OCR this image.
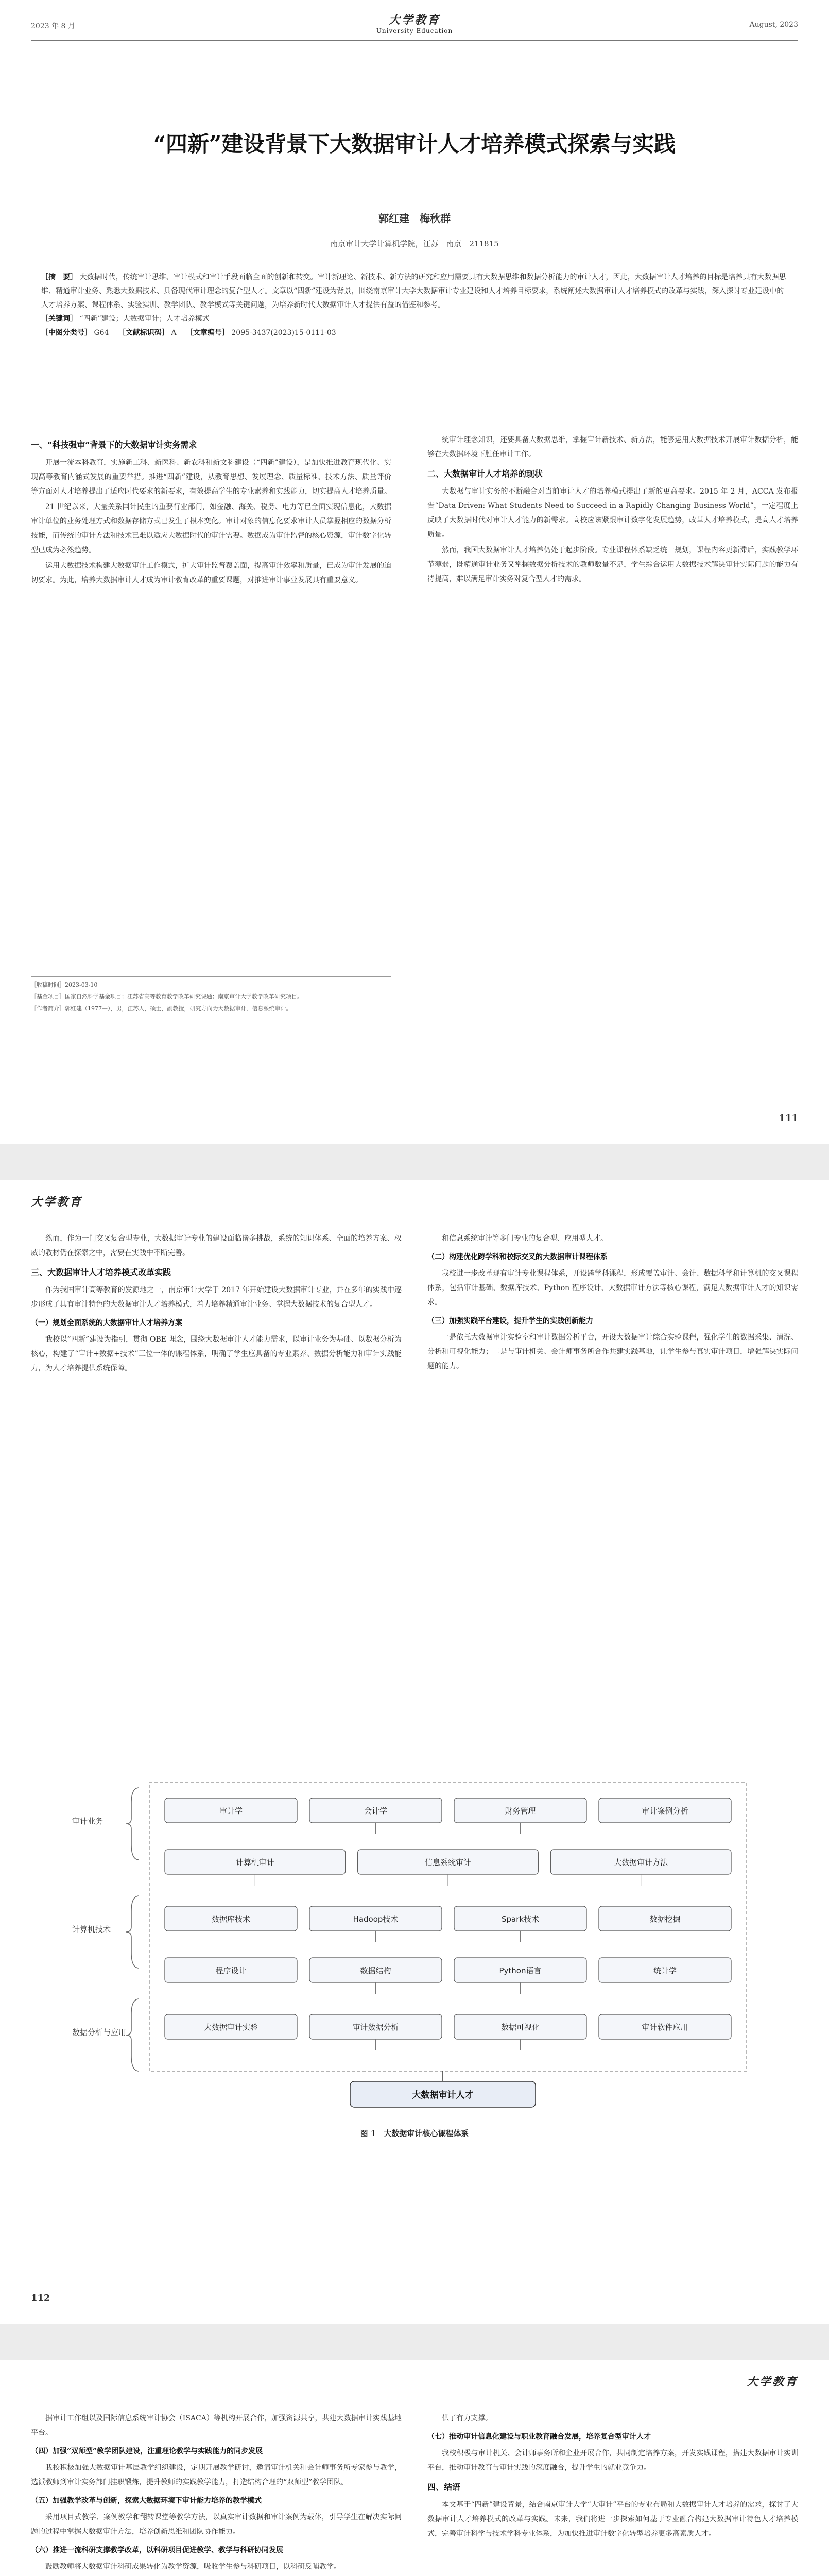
2023 年 8 月	大学教育
University Education
August, 2023
“四新”建设背景下大数据审计人才培养模式探索与实践
郭红建　梅秋群
南京审计大学计算机学院，江苏　南京　211815
［摘　要］ 大数据时代，传统审计思维、审计模式和审计手段面临全面的创新和转变。审计新理论、新技术、新方法的研究和应用需要具有大数据思维和数据分析能力的审计人才，因此，大数据审计人才培养的目标是培养具有大数据思维、精通审计业务、熟悉大数据技术、具备现代审计理念的复合型人才。文章以“四新”建设为背景，围绕南京审计大学大数据审计专业建设和人才培养目标要求，系统阐述大数据审计人才培养模式的改革与实践，深入探讨专业建设中的人才培养方案、课程体系、实验实训、教学团队、教学模式等关键问题，为培养新时代大数据审计人才提供有益的借鉴和参考。
［关键词］ “四新”建设；大数据审计；人才培养模式
［中图分类号］ G64　 ［文献标识码］ A　 ［文章编号］ 2095-3437(2023)15-0111-03
一、“科技强审”背景下的大数据审计实务需求

开展一流本科教育，实施新工科、新医科、新农科和新文科建设（“四新”建设），是加快推进教育现代化、实现高等教育内涵式发展的重要举措。推进“四新”建设，从教育思想、发展理念、质量标准、技术方法、质量评价等方面对人才培养提出了适应时代要求的新要求，有效提高学生的专业素养和实践能力，切实提高人才培养质量。

21 世纪以来，大量关系国计民生的重要行业部门，如金融、海关、税务、电力等已全面实现信息化，大数据审计单位的业务处理方式和数据存储方式已发生了根本变化。审计对象的信息化要求审计人员掌握相应的数据分析技能，而传统的审计方法和技术已难以适应大数据时代的审计需要。数据成为审计监督的核心资源，审计数字化转型已成为必然趋势。

运用大数据技术构建大数据审计工作模式，扩大审计监督覆盖面，提高审计效率和质量，已成为审计发展的迫切要求。为此，培养大数据审计人才成为审计教育改革的重要课题，对推进审计事业发展具有重要意义。

统审计理念知识，还要具备大数据思维，掌握审计新技术、新方法，能够运用大数据技术开展审计数据分析，能够在大数据环境下胜任审计工作。

二、大数据审计人才培养的现状

大数据与审计实务的不断融合对当前审计人才的培养模式提出了新的更高要求。2015 年 2 月，ACCA 发布报告“Data Driven: What Students Need to Succeed in a Rapidly Changing Business World”，一定程度上反映了大数据时代对审计人才能力的新需求。高校应该紧跟审计数字化发展趋势，改革人才培养模式，提高人才培养质量。

然而，我国大数据审计人才培养仍处于起步阶段。专业课程体系缺乏统一规划，课程内容更新滞后，实践教学环节薄弱，既精通审计业务又掌握数据分析技术的教师数量不足，学生综合运用大数据技术解决审计实际问题的能力有待提高，难以满足审计实务对复合型人才的需求。

［收稿时间］2023-03-10

［基金项目］国家自然科学基金项目；江苏省高等教育教学改革研究课题；南京审计大学教学改革研究项目。

［作者简介］郭红建（1977—），男，江苏人，硕士，副教授，研究方向为大数据审计、信息系统审计。

111
大学教育

然而，作为一门交叉复合型专业，大数据审计专业的建设面临诸多挑战，系统的知识体系、全面的培养方案、权威的教材仍在探索之中，需要在实践中不断完善。

三、大数据审计人才培养模式改革实践

作为我国审计高等教育的发源地之一，南京审计大学于 2017 年开始建设大数据审计专业，并在多年的实践中逐步形成了具有审计特色的大数据审计人才培养模式，着力培养精通审计业务、掌握大数据技术的复合型人才。

（一）规划全面系统的大数据审计人才培养方案

我校以“四新”建设为指引，贯彻 OBE 理念，围绕大数据审计人才能力需求，以审计业务为基础、以数据分析为核心，构建了“审计+数据+技术”三位一体的课程体系，明确了学生应具备的专业素养、数据分析能力和审计实践能力，为人才培养提供系统保障。

和信息系统审计等多门专业的复合型、应用型人才。

（二）构建优化跨学科和校际交叉的大数据审计课程体系

我校进一步改革现有审计专业课程体系，开设跨学科课程，形成覆盖审计、会计、数据科学和计算机的交叉课程体系，包括审计基础、数据库技术、Python 程序设计、大数据审计方法等核心课程，满足大数据审计人才的知识需求。

（三）加强实践平台建设，提升学生的实践创新能力

一是依托大数据审计实验室和审计数据分析平台，开设大数据审计综合实验课程，强化学生的数据采集、清洗、分析和可视化能力；二是与审计机关、会计师事务所合作共建实践基地，让学生参与真实审计项目，增强解决实际问题的能力。

审计业务
计算机技术
数据分析与应用
审计学	会计学	财务管理	审计案例分析
计算机审计	信息系统审计	大数据审计方法
数据库技术	Hadoop技术	Spark技术	数据挖掘
程序设计	数据结构	Python语言	统计学
大数据审计实验	审计数据分析	数据可视化	审计软件应用
大数据审计人才
图 1　大数据审计核心课程体系
112
大学教育

据审计工作组以及国际信息系统审计协会（ISACA）等机构开展合作，加强资源共享，共建大数据审计实践基地平台。

（四）加强“双师型”教学团队建设，注重理论教学与实践能力的同步发展

我校积极加强大数据审计基层教学组织建设，定期开展教学研讨，邀请审计机关和会计师事务所专家参与教学，选派教师到审计实务部门挂职锻炼，提升教师的实践教学能力，打造结构合理的“双师型”教学团队。

（五）加强教学改革与创新，探索大数据环境下审计能力培养的教学模式

采用项目式教学、案例教学和翻转课堂等教学方法，以真实审计数据和审计案例为载体，引导学生在解决实际问题的过程中掌握大数据审计方法，培养创新思维和团队协作能力。

（六）推进一流科研支撑教学改革，以科研项目促进教学、教学与科研协同发展

鼓励教师将大数据审计科研成果转化为教学资源，吸收学生参与科研项目，以科研反哺教学。

供了有力支撑。

（七）推动审计信息化建设与职业教育融合发展，培养复合型审计人才

我校积极与审计机关、会计师事务所和企业开展合作，共同制定培养方案，开发实践课程，搭建大数据审计实训平台，推动审计教育与审计实践的深度融合，提升学生的就业竞争力。

四、结语

本文基于“四新”建设背景，结合南京审计大学“大审计”平台的专业布局和大数据审计人才培养的需求，探讨了大数据审计人才培养模式的改革与实践。未来，我们将进一步探索如何基于专业融合构建大数据审计特色人才培养模式，完善审计科学与技术学科专业体系，为加快推进审计数字化转型培养更多高素质人才。
